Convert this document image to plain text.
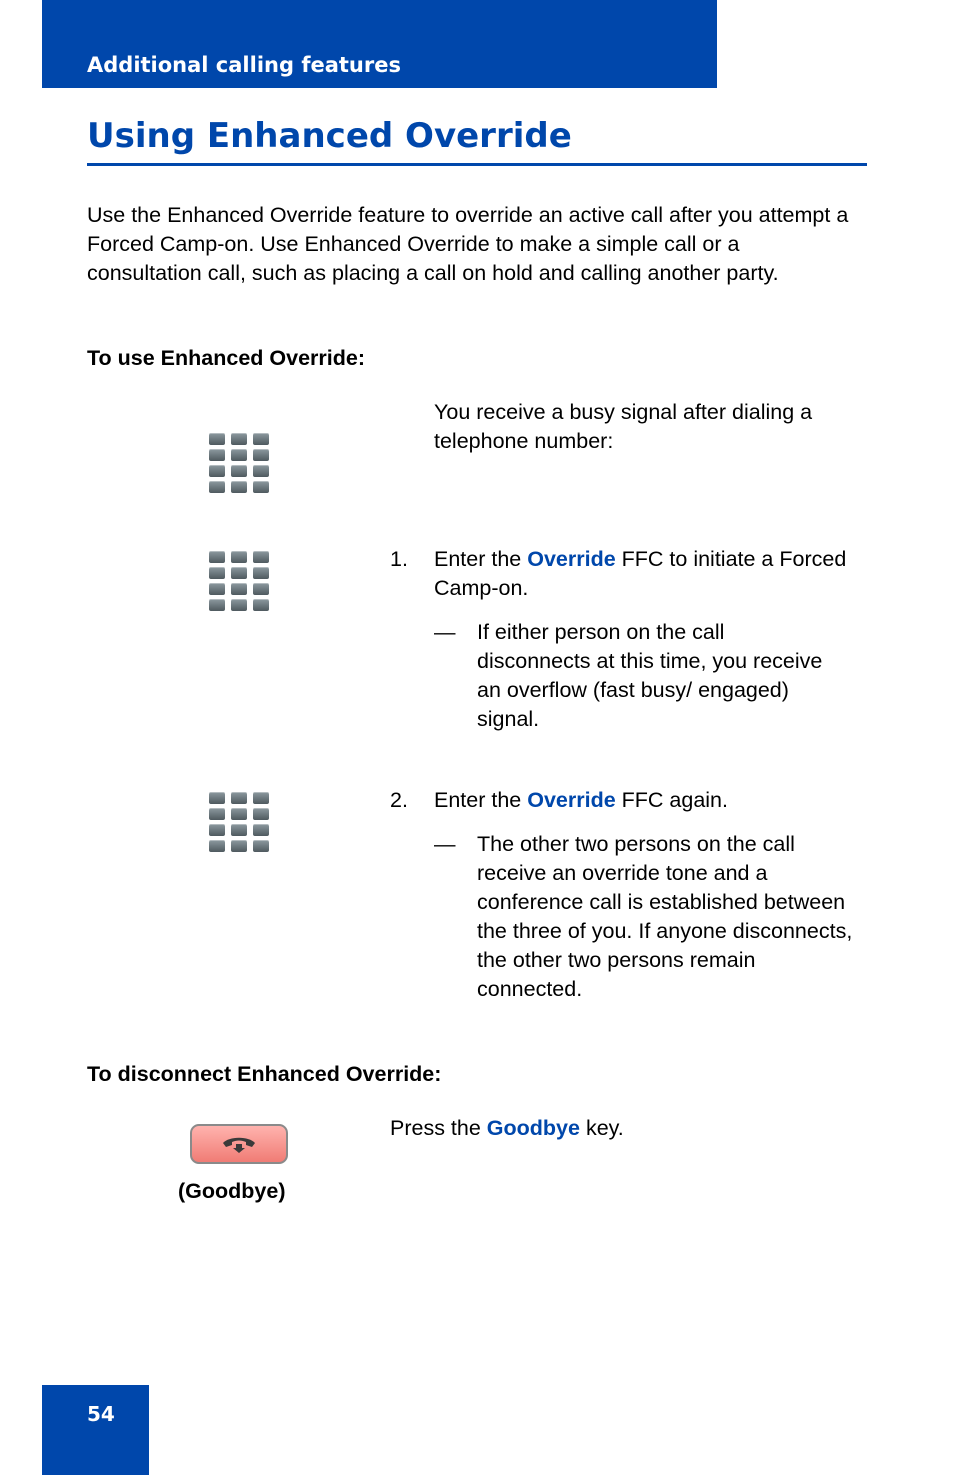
Additional calling features
Using Enhanced Override

Use the Enhanced Override feature to override an active call after you attempt a Forced Camp-on. Use Enhanced Override to make a simple call or a consultation call, such as placing a call on hold and calling another party.

To use Enhanced Override:

You receive a busy signal after dialing a telephone number:

1. Enter the Override FFC to initiate a Forced Camp-on.

— If either person on the call disconnects at this time, you receive an overflow (fast busy/ engaged) signal.

2. Enter the Override FFC again.

— The other two persons on the call receive an override tone and a conference call is established between the three of you. If anyone disconnects, the other two persons remain connected.

To disconnect Enhanced Override:

(Goodbye)

Press the Goodbye key.

54
